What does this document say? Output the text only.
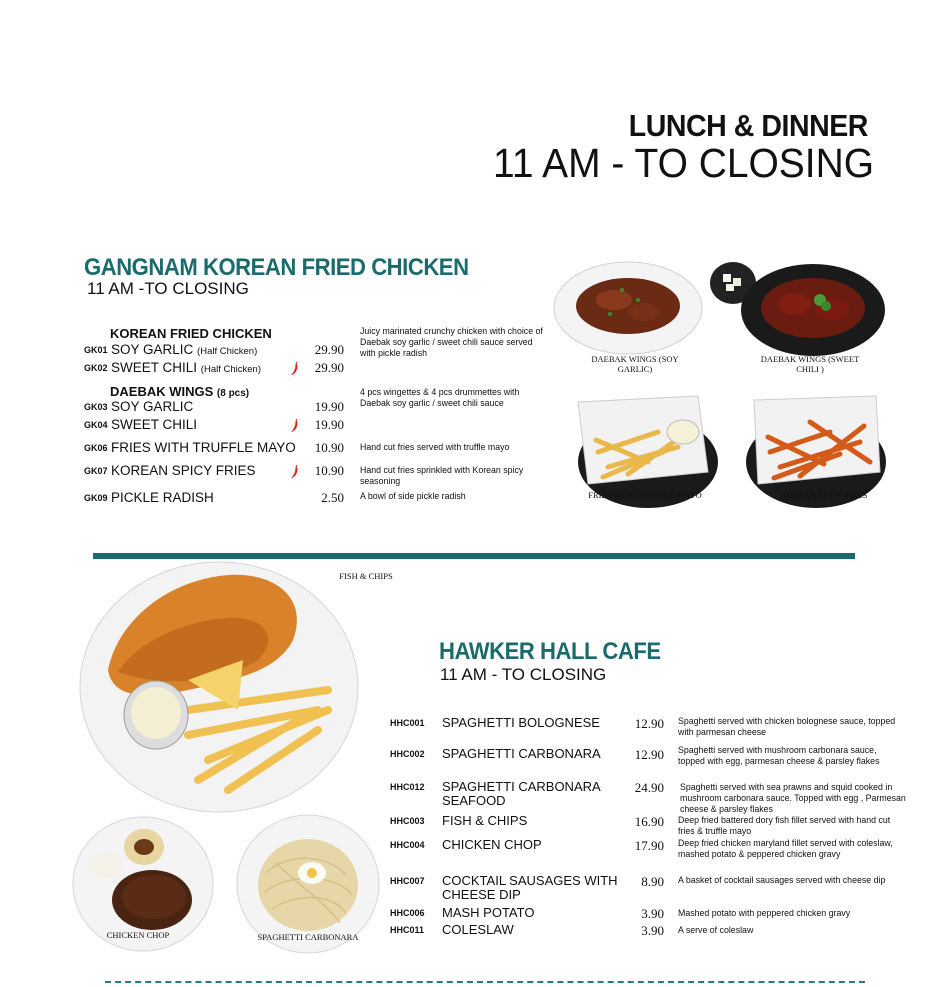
LUNCH & DINNER
11 AM - TO CLOSING
GANGNAM KOREAN FRIED CHICKEN
11 AM -TO CLOSING
KOREAN FRIED CHICKEN
GK01 SOY GARLIC (Half Chicken)	29.90
Juicy marinated crunchy chicken with choice of Daebak soy garlic / sweet chili sauce served with pickle radish
GK02 SWEET CHILI (Half Chicken)	29.90
DAEBAK WINGS (8 pcs)
GK03 SOY GARLIC	19.90
4 pcs wingettes & 4 pcs drummettes with Daebak soy garlic / sweet chili sauce
GK04 SWEET CHILI	19.90
GK06 FRIES WITH TRUFFLE MAYO 10.90 Hand cut fries served with truffle mayo
GK07 KOREAN SPICY FRIES	10.90 Hand cut fries sprinkled with Korean spicy seasoning
GK09 PICKLE RADISH	2.50 A bowl of side pickle radish
DAEBAK WINGS (SOY GARLIC)
DAEBAK WINGS (SWEET CHILI )
FRIES WITH TRUFFLE MAYO	KOREAN SPICY FRIES
FISH & CHIPS
CHICKEN CHOP	SPAGHETTI CARBONARA
HAWKER HALL CAFE
11 AM - TO CLOSING
HHC001 SPAGHETTI BOLOGNESE	12.90 Spaghetti served with chicken bolognese sauce, topped with parmesan cheese
HHC002 SPAGHETTI CARBONARA	12.90 Spaghetti served with mushroom carbonara sauce, topped with egg, parmesan cheese & parsley flakes
HHC012 SPAGHETTI CARBONARA SEAFOOD
24.90 Spaghetti served with sea prawns and squid cooked in mushroom carbonara sauce. Topped with egg , Parmesan cheese & parsley flakes
HHC003 FISH & CHIPS	16.90 Deep fried battered dory fish fillet served with hand cut fries & truffle mayo
HHC004 CHICKEN CHOP	17.90 Deep fried chicken maryland fillet served with coleslaw, mashed potato & peppered chicken gravy
HHC007 COCKTAIL SAUSAGES WITH CHEESE DIP
8.90 A basket of cocktail sausages served with cheese dip
HHC006 MASH POTATO	3.90 Mashed potato with peppered chicken gravy
HHC011 COLESLAW	3.90 A serve of coleslaw
